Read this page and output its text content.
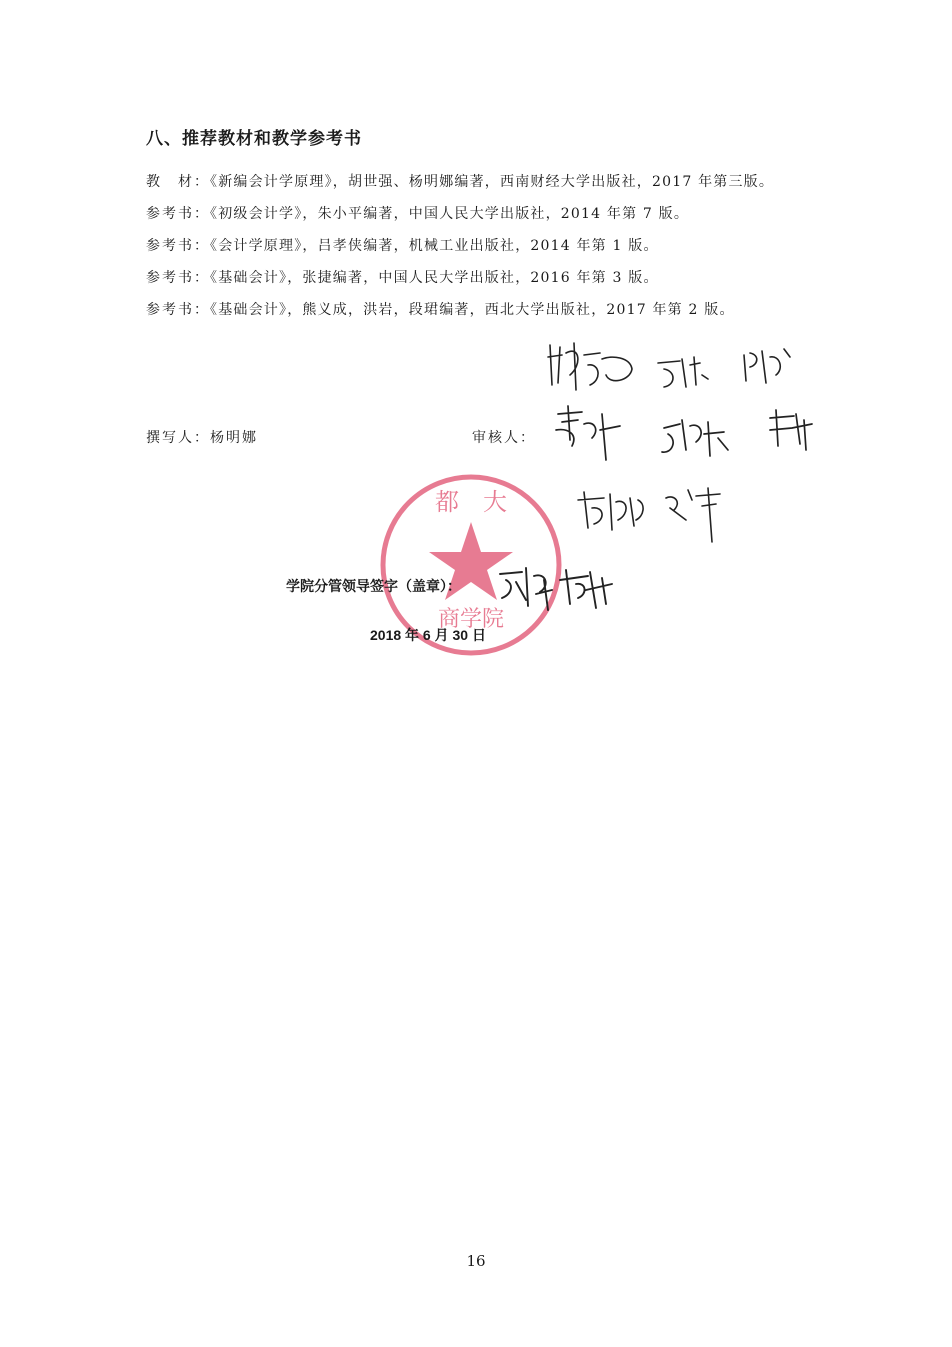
八、推荐教材和教学参考书
教　材：《新编会计学原理》，胡世强、杨明娜编著，西南财经大学出版社，2017 年第三版。
参考书：《初级会计学》，朱小平编著，中国人民大学出版社，2014 年第 7 版。
参考书：《会计学原理》，吕孝侠编著，机械工业出版社，2014 年第 1 版。
参考书：《基础会计》，张捷编著，中国人民大学出版社，2016 年第 3 版。
参考书：《基础会计》，熊义成，洪岩，段珺编著，西北大学出版社，2017 年第 2 版。
撰写人：杨明娜	审核人：
都　大
商学院
学院分管领导签字（盖章）：
2018 年 6 月 30 日
16
